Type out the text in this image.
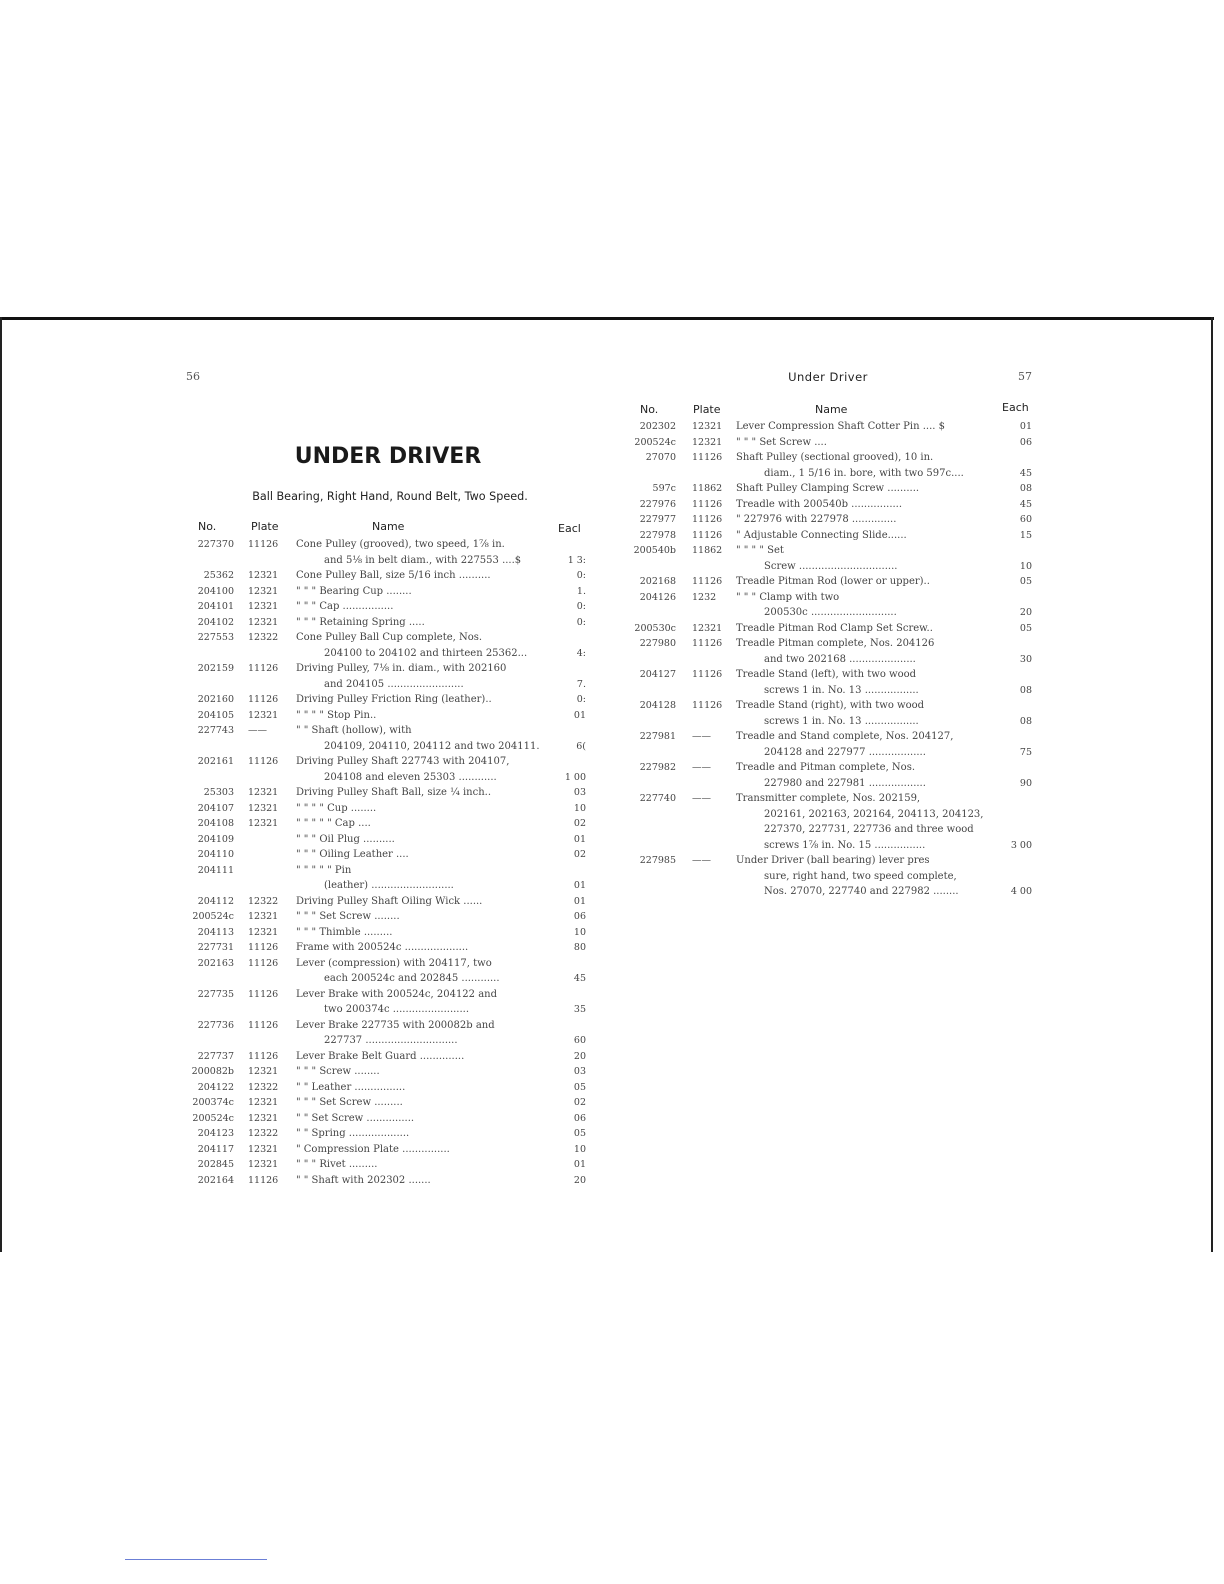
56	57
Under Driver
UNDER DRIVER
Ball Bearing, Right Hand, Round Belt, Two Speed.
No.	Plate	Name	Eacl
No.	Plate	Name	Each
227370 11126 Cone Pulley (grooved), two speed, 1⅞ in.
and 5⅛ in belt diam., with 227553 ....$	1 3:
25362 12321 Cone Pulley Ball, size 5/16 inch ..........	0:
204100 12321 " " " Bearing Cup ........	1.
204101 12321 " " " Cap ................	0:
204102 12321 " " " Retaining Spring .....	0:
227553 12322 Cone Pulley Ball Cup complete, Nos.
204100 to 204102 and thirteen 25362...	4:
202159 11126 Driving Pulley, 7⅛ in. diam., with 202160
and 204105 ........................	7.
202160 11126 Driving Pulley Friction Ring (leather)..	0:
204105 12321 " " " " Stop Pin..	01
227743 ——	" " Shaft (hollow), with
204109, 204110, 204112 and two 204111.	6(
202161 11126 Driving Pulley Shaft 227743 with 204107,
204108 and eleven 25303 ............	1 00
25303 12321 Driving Pulley Shaft Ball, size ¼ inch..	03
204107 12321 " " " " Cup ........	10
204108 12321 " " " " " Cap ....	02
204109	" " " Oil Plug ..........	01
204110	" " " Oiling Leather ....	02
204111	" " " " " Pin
(leather) ..........................	01
204112 12322 Driving Pulley Shaft Oiling Wick ......	01
200524c 12321 " " " Set Screw ........	06
204113 12321 " " " Thimble .........	10
227731 11126 Frame with 200524c ....................	80
202163 11126 Lever (compression) with 204117, two
each 200524c and 202845 ............	45
227735 11126 Lever Brake with 200524c, 204122 and
two 200374c ........................	35
227736 11126 Lever Brake 227735 with 200082b and
227737 .............................	60
227737 11126 Lever Brake Belt Guard ..............	20
200082b 12321 " " " Screw ........	03
204122 12322 " " Leather ................	05
200374c 12321 " " " Set Screw .........	02
200524c 12321 " " Set Screw ...............	06
204123 12322 " " Spring ...................	05
204117 12321 " Compression Plate ...............	10
202845 12321 " " " Rivet .........	01
202164 11126 " " Shaft with 202302 .......	20
202302 12321 Lever Compression Shaft Cotter Pin .... $	01
200524c 12321 " " " Set Screw ....	06
27070 11126 Shaft Pulley (sectional grooved), 10 in.
diam., 1 5/16 in. bore, with two 597c....	45
597c 11862 Shaft Pulley Clamping Screw ..........	08
227976 11126 Treadle with 200540b ................	45
227977 11126 " 227976 with 227978 ..............	60
227978 11126 " Adjustable Connecting Slide......	15
200540b 11862 " " " " Set
Screw ...............................	10
202168 11126 Treadle Pitman Rod (lower or upper)..	05
204126 1232 " " " Clamp with two
200530c ...........................	20
200530c 12321 Treadle Pitman Rod Clamp Set Screw..	05
227980 11126 Treadle Pitman complete, Nos. 204126
and two 202168 .....................	30
204127 11126 Treadle Stand (left), with two wood
screws 1 in. No. 13 .................	08
204128 11126 Treadle Stand (right), with two wood
screws 1 in. No. 13 .................	08
227981 ——	Treadle and Stand complete, Nos. 204127,
204128 and 227977 ..................	75
227982 ——	Treadle and Pitman complete, Nos.
227980 and 227981 ..................	90
227740 ——	Transmitter complete, Nos. 202159,
202161, 202163, 202164, 204113, 204123,
227370, 227731, 227736 and three wood
screws 1⅞ in. No. 15 ................	3 00
227985 ——	Under Driver (ball bearing) lever pres
sure, right hand, two speed complete,
Nos. 27070, 227740 and 227982 ........	4 00
